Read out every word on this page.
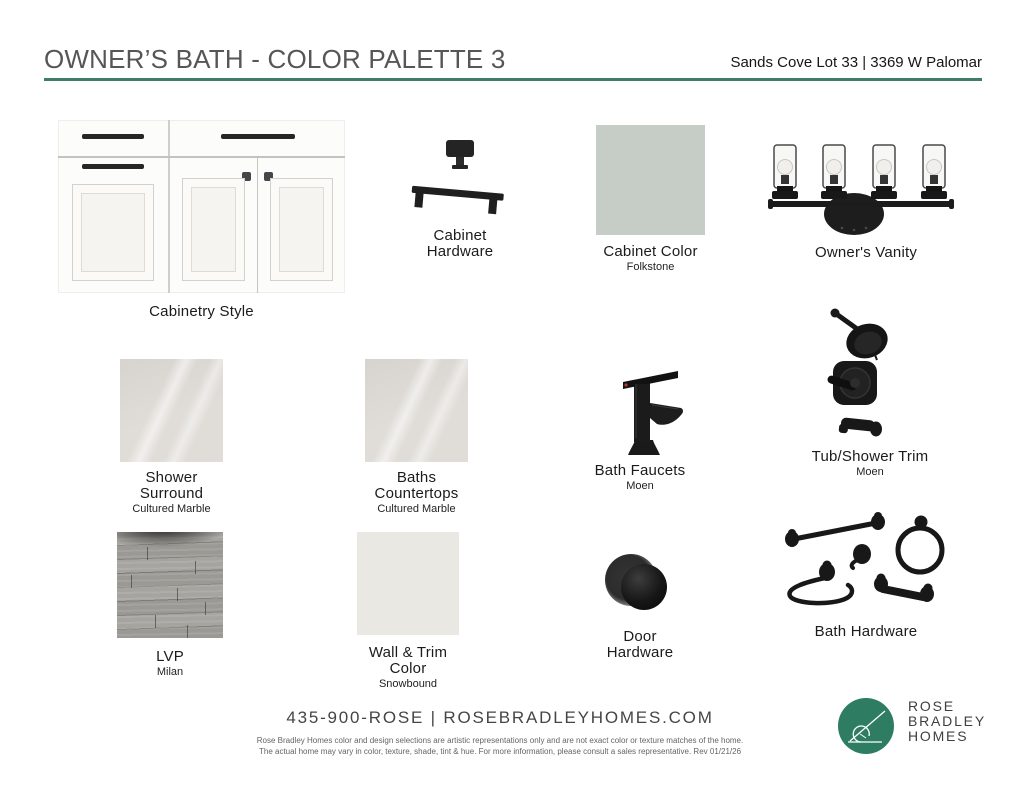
OWNER’S BATH - COLOR PALETTE 3	Sands Cove Lot 33 | 3369 W Palomar
Cabinetry Style
Cabinet Hardware	Cabinet Color
Folkstone
Owner's Vanity
Shower Surround
Cultured Marble
Baths Countertops
Cultured Marble
Bath Faucets
Moen
Tub/Shower Trim
Moen
LVP
Milan
Wall & Trim Color
Snowbound
Door Hardware
Bath Hardware
435-900-ROSE | ROSEBRADLEYHOMES.COM
Rose Bradley Homes color and design selections are artistic representations only and are not exact color or texture matches of the home.
The actual home may vary in color, texture, shade, tint & hue. For more information, please consult a sales representative. Rev 01/21/26
ROSE
BRADLEY
HOMES
